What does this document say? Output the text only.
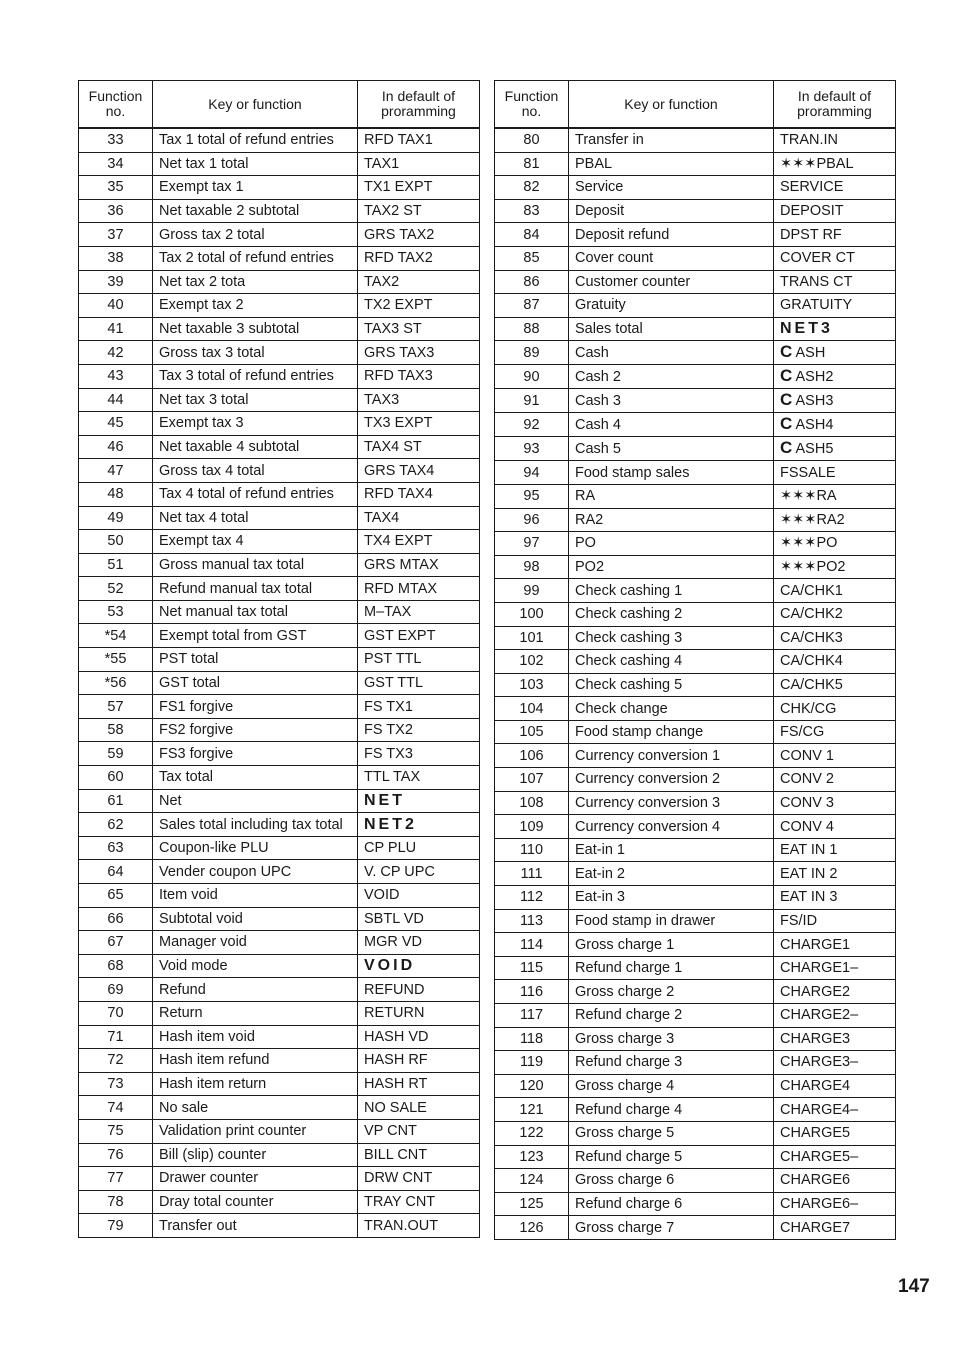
Function no.	Key or function	In default of proramming
33	Tax 1 total of refund entries	RFD TAX1
34	Net tax 1 total	TAX1
35	Exempt tax 1	TX1 EXPT
36	Net taxable 2 subtotal	TAX2 ST
37	Gross tax 2 total	GRS TAX2
38	Tax 2 total of refund entries	RFD TAX2
39	Net tax 2 tota	TAX2
40	Exempt tax 2	TX2 EXPT
41	Net taxable 3 subtotal	TAX3 ST
42	Gross tax 3 total	GRS TAX3
43	Tax 3 total of refund entries	RFD TAX3
44	Net tax 3 total	TAX3
45	Exempt tax 3	TX3 EXPT
46	Net taxable 4 subtotal	TAX4 ST
47	Gross tax 4 total	GRS TAX4
48	Tax 4 total of refund entries	RFD TAX4
49	Net tax 4 total	TAX4
50	Exempt tax 4	TX4 EXPT
51	Gross manual tax total	GRS MTAX
52	Refund manual tax total	RFD MTAX
53	Net manual tax total	M–TAX
*54	Exempt total from GST	GST EXPT
*55	PST total	PST TTL
*56	GST total	GST TTL
57	FS1 forgive	FS TX1
58	FS2 forgive	FS TX2
59	FS3 forgive	FS TX3
60	Tax total	TTL TAX
61	Net	NET
62	Sales total including tax total	NET2
63	Coupon-like PLU	CP PLU
64	Vender coupon UPC	V. CP UPC
65	Item void	VOID
66	Subtotal void	SBTL VD
67	Manager void	MGR VD
68	Void mode	VOID
69	Refund	REFUND
70	Return	RETURN
71	Hash item void	HASH VD
72	Hash item refund	HASH RF
73	Hash item return	HASH RT
74	No sale	NO SALE
75	Validation print counter	VP CNT
76	Bill (slip) counter	BILL CNT
77	Drawer counter	DRW CNT
78	Dray total counter	TRAY CNT
79	Transfer out	TRAN.OUT
Function no.	Key or function	In default of proramming
80	Transfer in	TRAN.IN
81	PBAL	✶✶✶PBAL
82	Service	SERVICE
83	Deposit	DEPOSIT
84	Deposit refund	DPST RF
85	Cover count	COVER CT
86	Customer counter	TRANS CT
87	Gratuity	GRATUITY
88	Sales total	NET3
89	Cash	C ASH
90	Cash 2	C ASH2
91	Cash 3	C ASH3
92	Cash 4	C ASH4
93	Cash 5	C ASH5
94	Food stamp sales	FSSALE
95	RA	✶✶✶RA
96	RA2	✶✶✶RA2
97	PO	✶✶✶PO
98	PO2	✶✶✶PO2
99	Check cashing 1	CA/CHK1
100	Check cashing 2	CA/CHK2
101	Check cashing 3	CA/CHK3
102	Check cashing 4	CA/CHK4
103	Check cashing 5	CA/CHK5
104	Check change	CHK/CG
105	Food stamp change	FS/CG
106	Currency conversion 1	CONV 1
107	Currency conversion 2	CONV 2
108	Currency conversion 3	CONV 3
109	Currency conversion 4	CONV 4
110	Eat-in 1	EAT IN 1
111	Eat-in 2	EAT IN 2
112	Eat-in 3	EAT IN 3
113	Food stamp in drawer	FS/ID
114	Gross charge 1	CHARGE1
115	Refund charge 1	CHARGE1–
116	Gross charge 2	CHARGE2
117	Refund charge 2	CHARGE2–
118	Gross charge 3	CHARGE3
119	Refund charge 3	CHARGE3–
120	Gross charge 4	CHARGE4
121	Refund charge 4	CHARGE4–
122	Gross charge 5	CHARGE5
123	Refund charge 5	CHARGE5–
124	Gross charge 6	CHARGE6
125	Refund charge 6	CHARGE6–
126	Gross charge 7	CHARGE7
147
